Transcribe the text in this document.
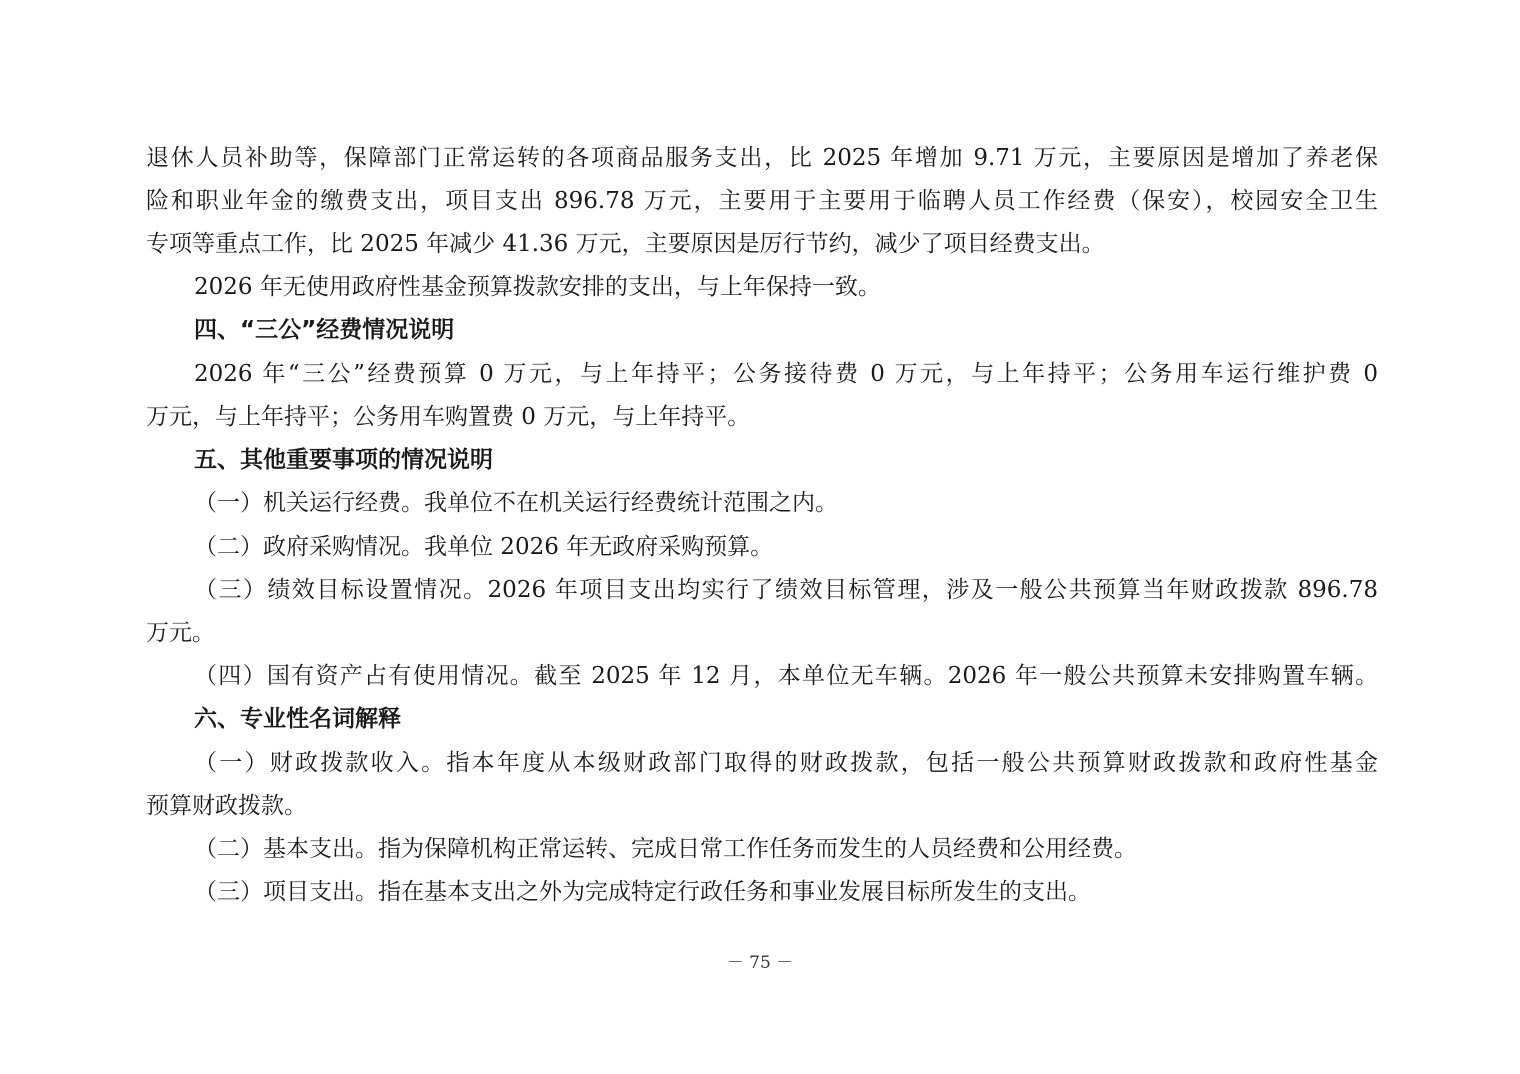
退休人员补助等，保障部门正常运转的各项商品服务支出，比 2025 年增加 9.71 万元，主要原因是增加了养老保
险和职业年金的缴费支出，项目支出 896.78 万元，主要用于主要用于临聘人员工作经费（保安），校园安全卫生
专项等重点工作，比 2025 年减少 41.36 万元，主要原因是厉行节约，减少了项目经费支出。
2026 年无使用政府性基金预算拨款安排的支出，与上年保持一致。
四、“三公”经费情况说明
2026 年“三公”经费预算 0 万元，与上年持平；公务接待费 0 万元，与上年持平；公务用车运行维护费 0
万元，与上年持平；公务用车购置费 0 万元，与上年持平。
五、其他重要事项的情况说明
（一）机关运行经费。我单位不在机关运行经费统计范围之内。
（二）政府采购情况。我单位 2026 年无政府采购预算。
（三）绩效目标设置情况。2026 年项目支出均实行了绩效目标管理，涉及一般公共预算当年财政拨款 896.78
万元。
（四）国有资产占有使用情况。截至 2025 年 12 月，本单位无车辆。2026 年一般公共预算未安排购置车辆。
六、专业性名词解释
（一）财政拨款收入。指本年度从本级财政部门取得的财政拨款，包括一般公共预算财政拨款和政府性基金
预算财政拨款。
（二）基本支出。指为保障机构正常运转、完成日常工作任务而发生的人员经费和公用经费。
（三）项目支出。指在基本支出之外为完成特定行政任务和事业发展目标所发生的支出。
－ 75 －
